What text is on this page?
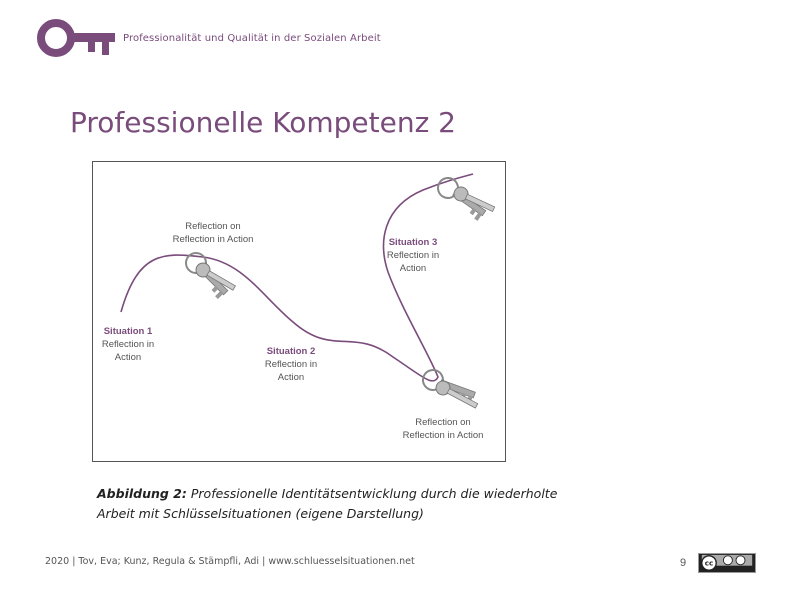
Professionalität und Qualität in der Sozialen Arbeit
Professionelle Kompetenz 2
Reflection on
Reflection in Action
Situation 1
Reflection in
Action
Situation 2
Reflection in
Action
Situation 3
Reflection in
Action
Reflection on
Reflection in Action
Abbildung 2: Professionelle Identitätsentwicklung durch die wiederholte Arbeit mit Schlüsselsituationen (eigene Darstellung)
2020 | Tov, Eva; Kunz, Regula & Stämpfli, Adi | www.schluesselsituationen.net	9 cc
